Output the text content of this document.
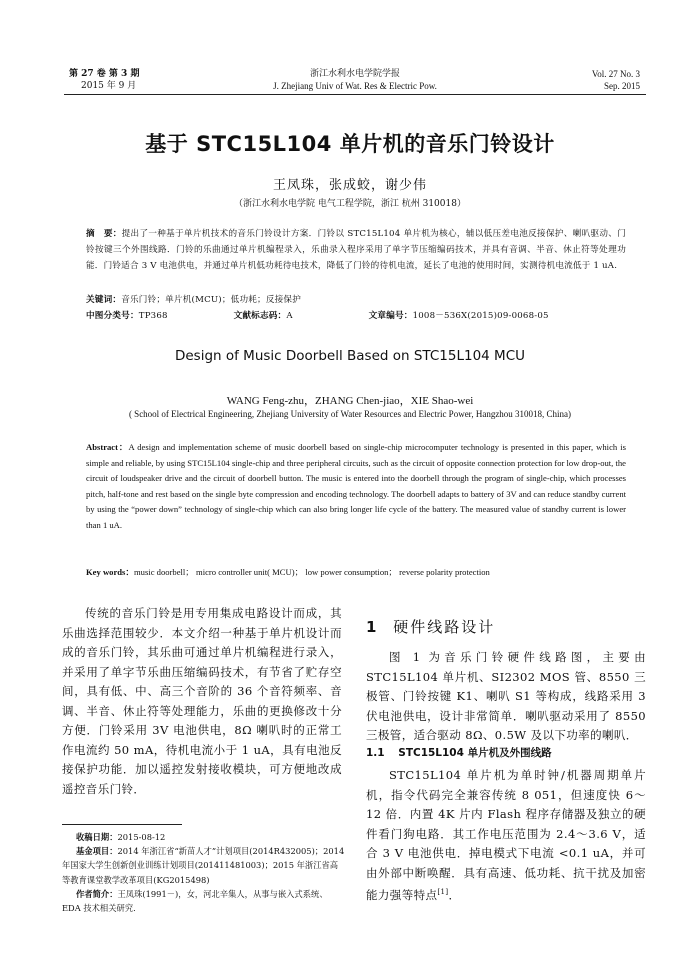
第 27 卷 第 3 期
2015 年 9 月
浙江水利水电学院学报
J. Zhejiang Univ of Wat. Res & Electric Pow.
Vol. 27 No. 3
Sep. 2015
基于 STC15L104 单片机的音乐门铃设计
王凤珠，张成蛟，谢少伟
（浙江水利水电学院 电气工程学院，浙江 杭州 310018）
摘　要：提出了一种基于单片机技术的音乐门铃设计方案．门铃以 STC15L104 单片机为核心，辅以低压差电池反接保护、喇叭驱动、门铃按键三个外围线路．门铃的乐曲通过单片机编程录入，乐曲录入程序采用了单字节压缩编码技术，并具有音调、半音、休止符等处理功能．门铃适合 3 V 电池供电，并通过单片机低功耗待电技术，降低了门铃的待机电流，延长了电池的使用时间，实测待机电流低于 1 uA.
关键词：音乐门铃；单片机(MCU)；低功耗；反接保护
中图分类号：TP368	文献标志码：A	文章编号：1008－536X(2015)09-0068-05
Design of Music Doorbell Based on STC15L104 MCU
WANG Feng-zhu，ZHANG Chen-jiao，XIE Shao-wei
( School of Electrical Engineering, Zhejiang University of Water Resources and Electric Power, Hangzhou 310018, China)
Abstract：A design and implementation scheme of music doorbell based on single-chip microcomputer technology is presented in this paper, which is simple and reliable, by using STC15L104 single-chip and three peripheral circuits, such as the circuit of opposite connection protection for low drop-out, the circuit of loudspeaker drive and the circuit of doorbell button. The music is entered into the doorbell through the program of single-chip, which processes pitch, half-tone and rest based on the single byte compression and encoding technology. The doorbell adapts to battery of 3V and can reduce standby current by using the “power down” technology of single-chip which can also bring longer life cycle of the battery. The measured value of standby current is lower than 1 uA.
Key words：music doorbell； micro controller unit( MCU)； low power consumption； reverse polarity protection
传统的音乐门铃是用专用集成电路设计而成，其乐曲选择范围较少．本文介绍一种基于单片机设计而成的音乐门铃，其乐曲可通过单片机编程进行录入，并采用了单字节乐曲压缩编码技术，有节省了贮存空间，具有低、中、高三个音阶的 36 个音符频率、音调、半音、休止符等处理能力，乐曲的更换修改十分方便．门铃采用 3V 电池供电，8Ω 喇叭时的正常工作电流约 50 mA，待机电流小于 1 uA，具有电池反接保护功能．加以遥控发射接收模块，可方便地改成遥控音乐门铃．
收稿日期：2015-08-12
基金项目：2014 年浙江省“新苗人才”计划项目(2014R432005)；2014 年国家大学生创新创业训练计划项目(201411481003)；2015 年浙江省高等教育课堂教学改革项目(KG2015498)
作者简介：王凤珠(1991－)，女，河北辛集人，从事与嵌入式系统、EDA 技术相关研究．
1 硬件线路设计
图 1 为音乐门铃硬件线路图，主要由 STC15L104 单片机、SI2302 MOS 管、8550 三极管、门铃按键 K1、喇叭 S1 等构成，线路采用 3 伏电池供电，设计非常简单．喇叭驱动采用了 8550 三极管，适合驱动 8Ω、0.5W 及以下功率的喇叭．
1.1 STC15L104 单片机及外围线路
STC15L104 单片机为单时钟/机器周期单片机，指令代码完全兼容传统 8 051，但速度快 6～12 倍．内置 4K 片内 Flash 程序存储器及独立的硬件看门狗电路．其工作电压范围为 2.4～3.6 V，适合 3 V 电池供电．掉电模式下电流 <0.1 uA，并可由外部中断唤醒．具有高速、低功耗、抗干扰及加密能力强等特点[1]．
